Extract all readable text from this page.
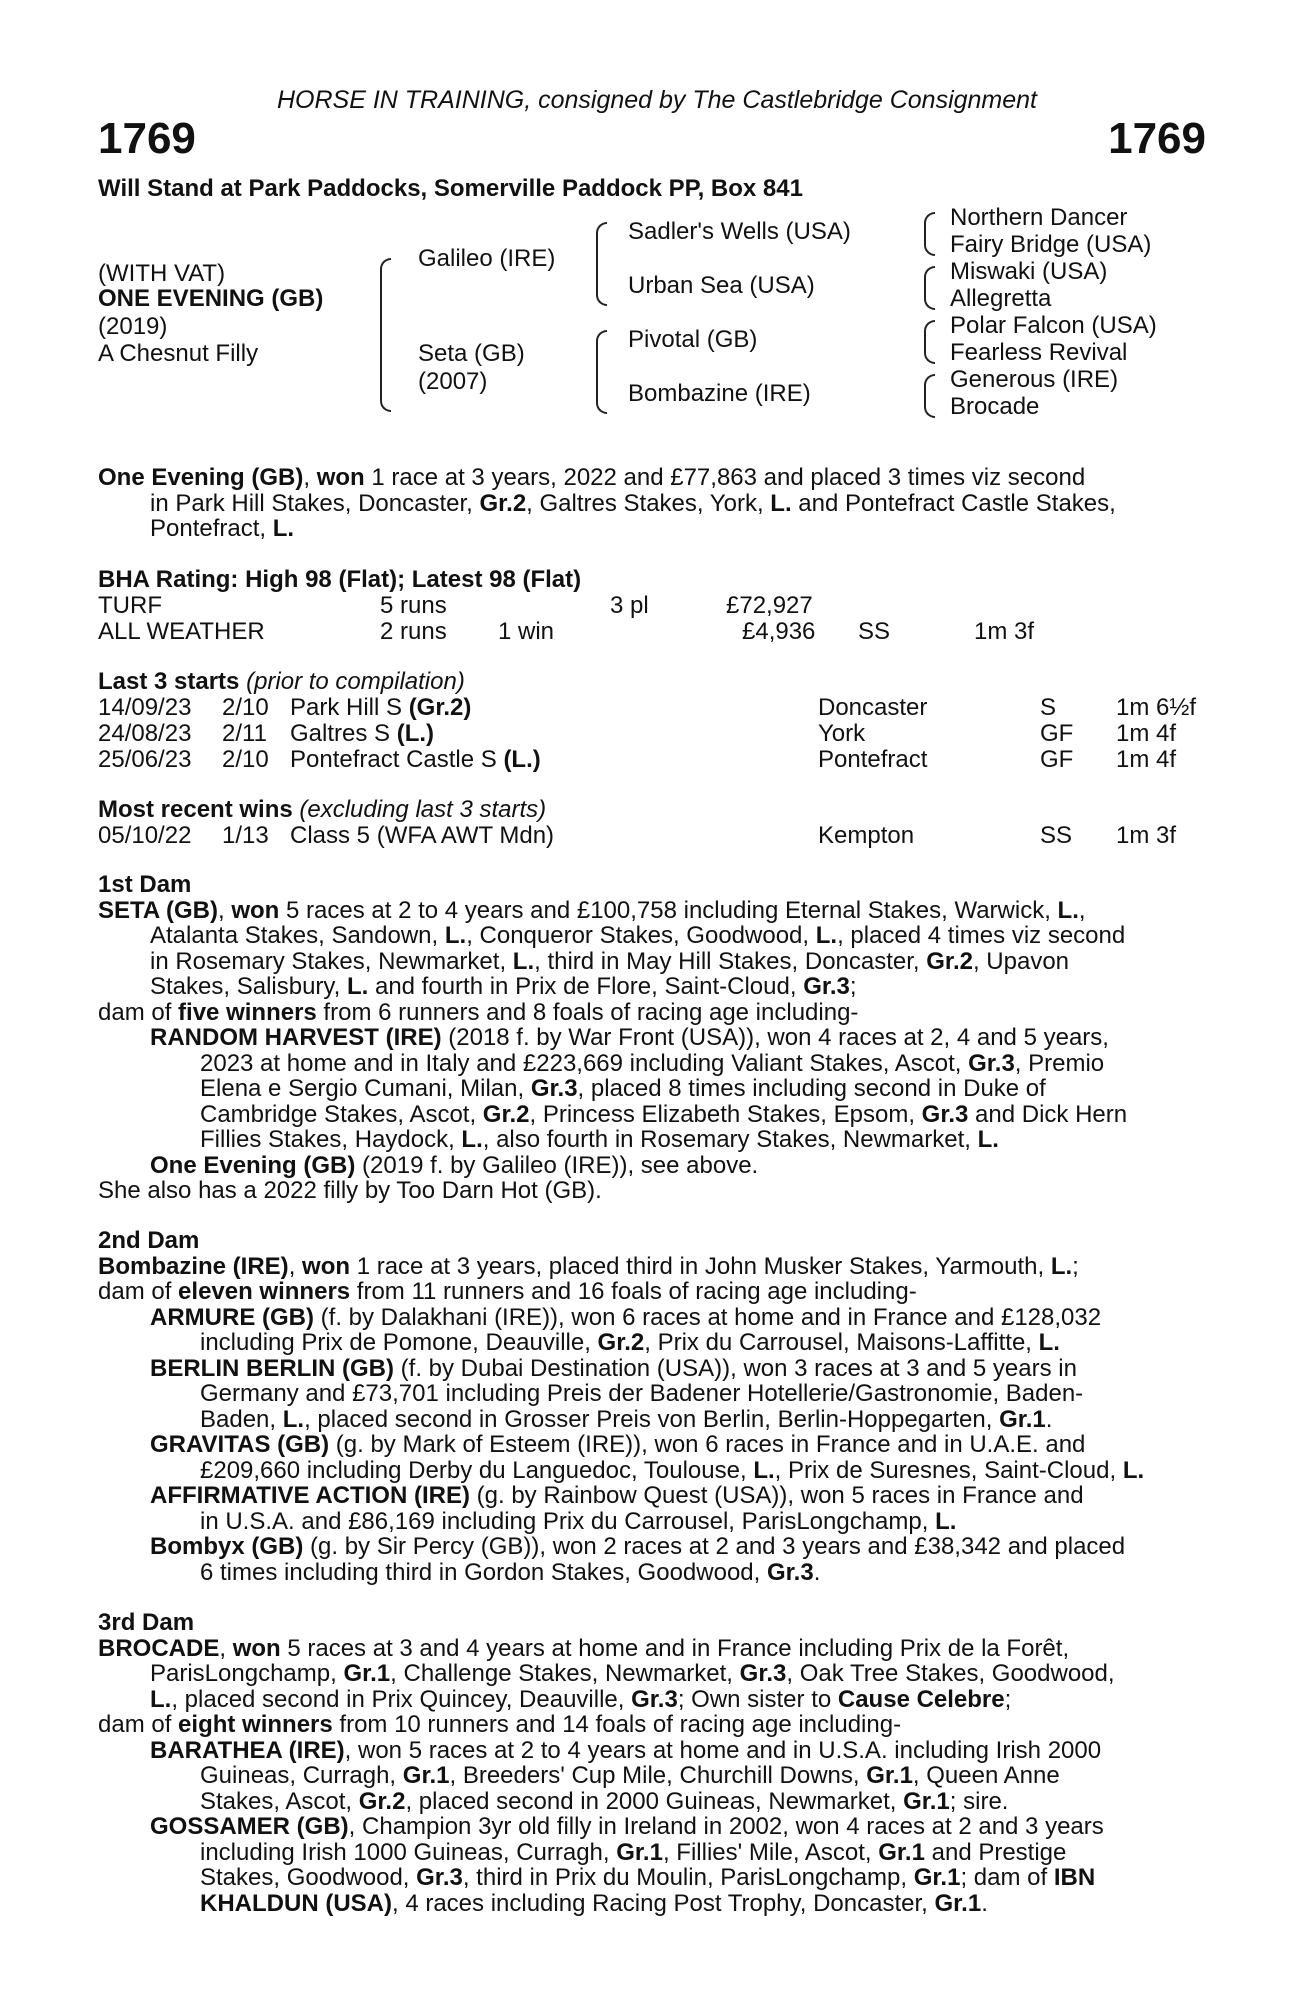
HORSE IN TRAINING, consigned by The Castlebridge Consignment
1769	1769
Will Stand at Park Paddocks, Somerville Paddock PP, Box 841
(WITH VAT)
ONE EVENING (GB)
(2019)
A Chesnut Filly
Galileo (IRE)
Seta (GB)
(2007)
Sadler's Wells (USA)
Urban Sea (USA)
Pivotal (GB)
Bombazine (IRE)
Northern Dancer
Fairy Bridge (USA)
Miswaki (USA)
Allegretta
Polar Falcon (USA)
Fearless Revival
Generous (IRE)
Brocade
One Evening (GB), won 1 race at 3 years, 2022 and £77,863 and placed 3 times viz second
in Park Hill Stakes, Doncaster, Gr.2, Galtres Stakes, York, L. and Pontefract Castle Stakes,
Pontefract, L.
BHA Rating: High 98 (Flat); Latest 98 (Flat)
TURF	5 runs	3 pl	£72,927
ALL WEATHER	2 runs 1 win	£4,936 SS	1m 3f
Last 3 starts (prior to compilation)
14/09/23 2/10 Park Hill S (Gr.2)	Doncaster	S 1m 6½f
24/08/23 2/11 Galtres S (L.)	York	GF 1m 4f
25/06/23 2/10 Pontefract Castle S (L.)	Pontefract	GF 1m 4f
Most recent wins (excluding last 3 starts)
05/10/22 1/13 Class 5 (WFA AWT Mdn)	Kempton	SS 1m 3f
1st Dam
SETA (GB), won 5 races at 2 to 4 years and £100,758 including Eternal Stakes, Warwick, L.,
Atalanta Stakes, Sandown, L., Conqueror Stakes, Goodwood, L., placed 4 times viz second
in Rosemary Stakes, Newmarket, L., third in May Hill Stakes, Doncaster, Gr.2, Upavon
Stakes, Salisbury, L. and fourth in Prix de Flore, Saint-Cloud, Gr.3;
dam of five winners from 6 runners and 8 foals of racing age including-
RANDOM HARVEST (IRE) (2018 f. by War Front (USA)), won 4 races at 2, 4 and 5 years,
2023 at home and in Italy and £223,669 including Valiant Stakes, Ascot, Gr.3, Premio
Elena e Sergio Cumani, Milan, Gr.3, placed 8 times including second in Duke of
Cambridge Stakes, Ascot, Gr.2, Princess Elizabeth Stakes, Epsom, Gr.3 and Dick Hern
Fillies Stakes, Haydock, L., also fourth in Rosemary Stakes, Newmarket, L.
One Evening (GB) (2019 f. by Galileo (IRE)), see above.
She also has a 2022 filly by Too Darn Hot (GB).
2nd Dam
Bombazine (IRE), won 1 race at 3 years, placed third in John Musker Stakes, Yarmouth, L.;
dam of eleven winners from 11 runners and 16 foals of racing age including-
ARMURE (GB) (f. by Dalakhani (IRE)), won 6 races at home and in France and £128,032
including Prix de Pomone, Deauville, Gr.2, Prix du Carrousel, Maisons-Laffitte, L.
BERLIN BERLIN (GB) (f. by Dubai Destination (USA)), won 3 races at 3 and 5 years in
Germany and £73,701 including Preis der Badener Hotellerie/Gastronomie, Baden-
Baden, L., placed second in Grosser Preis von Berlin, Berlin-Hoppegarten, Gr.1.
GRAVITAS (GB) (g. by Mark of Esteem (IRE)), won 6 races in France and in U.A.E. and
£209,660 including Derby du Languedoc, Toulouse, L., Prix de Suresnes, Saint-Cloud, L.
AFFIRMATIVE ACTION (IRE) (g. by Rainbow Quest (USA)), won 5 races in France and
in U.S.A. and £86,169 including Prix du Carrousel, ParisLongchamp, L.
Bombyx (GB) (g. by Sir Percy (GB)), won 2 races at 2 and 3 years and £38,342 and placed
6 times including third in Gordon Stakes, Goodwood, Gr.3.
3rd Dam
BROCADE, won 5 races at 3 and 4 years at home and in France including Prix de la Forêt,
ParisLongchamp, Gr.1, Challenge Stakes, Newmarket, Gr.3, Oak Tree Stakes, Goodwood,
L., placed second in Prix Quincey, Deauville, Gr.3; Own sister to Cause Celebre;
dam of eight winners from 10 runners and 14 foals of racing age including-
BARATHEA (IRE), won 5 races at 2 to 4 years at home and in U.S.A. including Irish 2000
Guineas, Curragh, Gr.1, Breeders' Cup Mile, Churchill Downs, Gr.1, Queen Anne
Stakes, Ascot, Gr.2, placed second in 2000 Guineas, Newmarket, Gr.1; sire.
GOSSAMER (GB), Champion 3yr old filly in Ireland in 2002, won 4 races at 2 and 3 years
including Irish 1000 Guineas, Curragh, Gr.1, Fillies' Mile, Ascot, Gr.1 and Prestige
Stakes, Goodwood, Gr.3, third in Prix du Moulin, ParisLongchamp, Gr.1; dam of IBN
KHALDUN (USA), 4 races including Racing Post Trophy, Doncaster, Gr.1.
